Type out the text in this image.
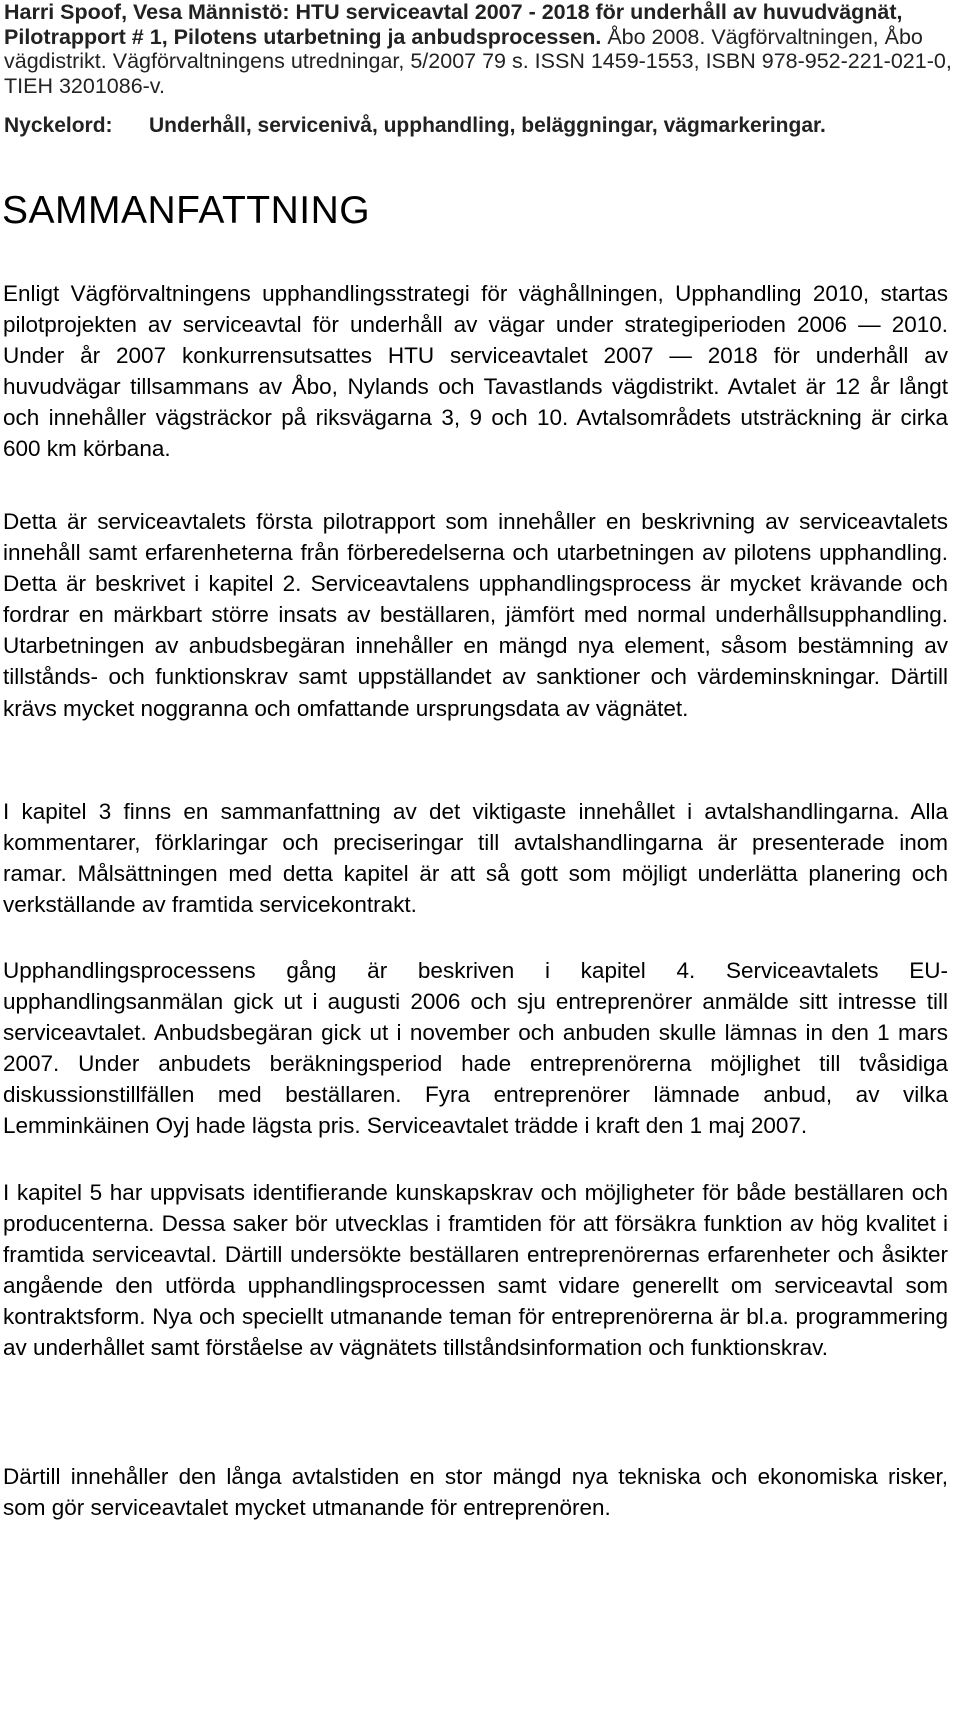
Harri Spoof, Vesa Männistö: HTU serviceavtal 2007 - 2018 för underhåll av huvudvägnät, Pilotrapport # 1, Pilotens utarbetning ja anbudsprocessen. Åbo 2008. Vägförvaltningen, Åbo vägdistrikt. Vägförvaltningens utredningar, 5/2007 79 s. ISSN 1459-1553, ISBN 978-952-221-021-0, TIEH 3201086-v.
Nyckelord: Underhåll, servicenivå, upphandling, beläggningar, vägmarkeringar.
SAMMANFATTNING

Enligt Vägförvaltningens upphandlingsstrategi för väghållningen, Upphandling 2010, startas pilotprojekten av serviceavtal för underhåll av vägar under strategiperioden 2006 — 2010. Under år 2007 konkurrensutsattes HTU serviceavtalet 2007 — 2018 för underhåll av huvudvägar tillsammans av Åbo, Nylands och Tavastlands vägdistrikt. Avtalet är 12 år långt och innehåller vägsträckor på riksvägarna 3, 9 och 10. Avtalsområdets utsträckning är cirka 600 km körbana.

Detta är serviceavtalets första pilotrapport som innehåller en beskrivning av serviceavtalets innehåll samt erfarenheterna från förberedelserna och utarbetningen av pilotens upphandling. Detta är beskrivet i kapitel 2. Serviceavtalens upphandlingsprocess är mycket krävande och fordrar en märkbart större insats av beställaren, jämfört med normal underhållsupphandling. Utarbetningen av anbudsbegäran innehåller en mängd nya element, såsom bestämning av tillstånds- och funktionskrav samt uppställandet av sanktioner och värdeminskningar. Därtill krävs mycket noggranna och omfattande ursprungsdata av vägnätet.

I kapitel 3 finns en sammanfattning av det viktigaste innehållet i avtalshandlingarna. Alla kommentarer, förklaringar och preciseringar till avtalshandlingarna är presenterade inom ramar. Målsättningen med detta kapitel är att så gott som möjligt underlätta planering och verkställande av framtida servicekontrakt.

Upphandlingsprocessens gång är beskriven i kapitel 4. Serviceavtalets EU-upphandlingsanmälan gick ut i augusti 2006 och sju entreprenörer anmälde sitt intresse till serviceavtalet. Anbudsbegäran gick ut i november och anbuden skulle lämnas in den 1 mars 2007. Under anbudets beräkningsperiod hade entreprenörerna möjlighet till tvåsidiga diskussionstillfällen med beställaren. Fyra entreprenörer lämnade anbud, av vilka Lemminkäinen Oyj hade lägsta pris. Serviceavtalet trädde i kraft den 1 maj 2007.

I kapitel 5 har uppvisats identifierande kunskapskrav och möjligheter för både beställaren och producenterna. Dessa saker bör utvecklas i framtiden för att försäkra funktion av hög kvalitet i framtida serviceavtal. Därtill undersökte beställaren entreprenörernas erfarenheter och åsikter angående den utförda upphandlingsprocessen samt vidare generellt om serviceavtal som kontraktsform. Nya och speciellt utmanande teman för entreprenörerna är bl.a. programmering av underhållet samt förståelse av vägnätets tillståndsinformation och funktionskrav.

Därtill innehåller den långa avtalstiden en stor mängd nya tekniska och ekonomiska risker, som gör serviceavtalet mycket utmanande för entreprenören.
